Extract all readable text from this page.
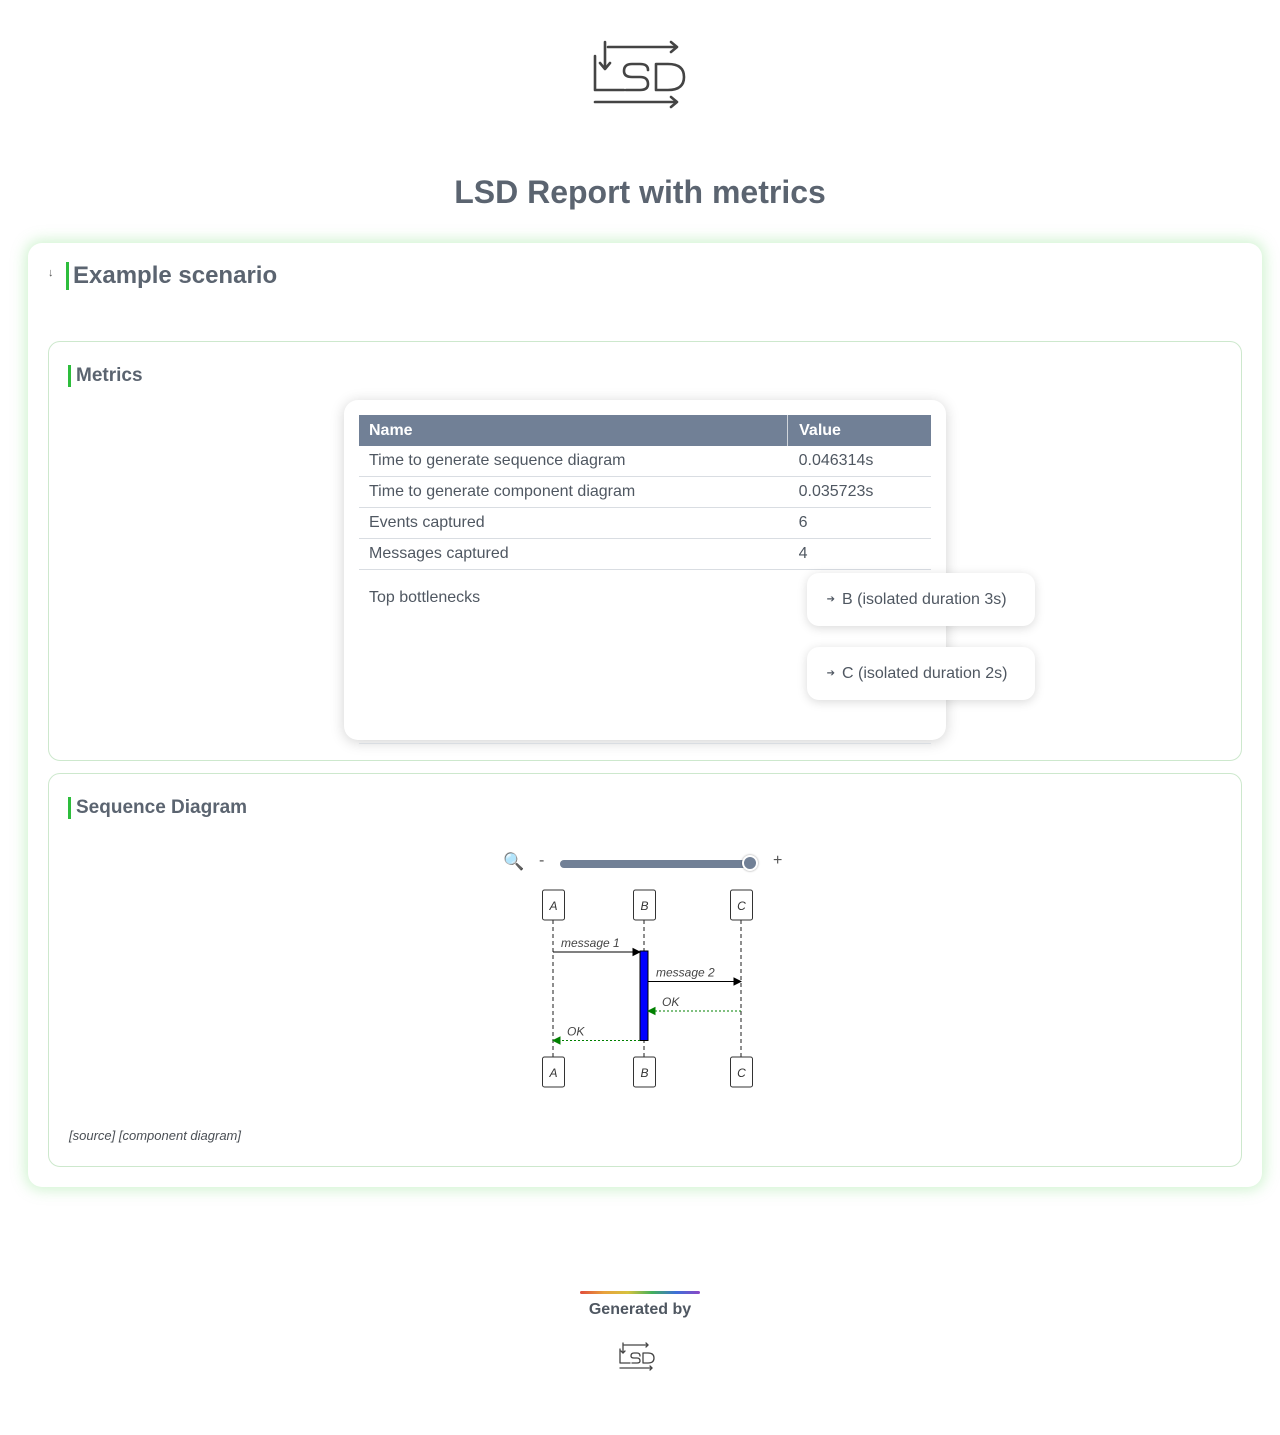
LSD Report with metrics
↓ Example scenario
Metrics
Name	Value
Time to generate sequence diagram	0.046314s
Time to generate component diagram	0.035723s
Events captured	6
Messages captured	4
Top bottlenecks	➔ B (isolated duration 3s)
➔ C (isolated duration 2s)
Sequence Diagram
🔍 -	+
A	B	C
A	B	C
message 1
message 2
OK
OK
[source] [component diagram]
Generated by
